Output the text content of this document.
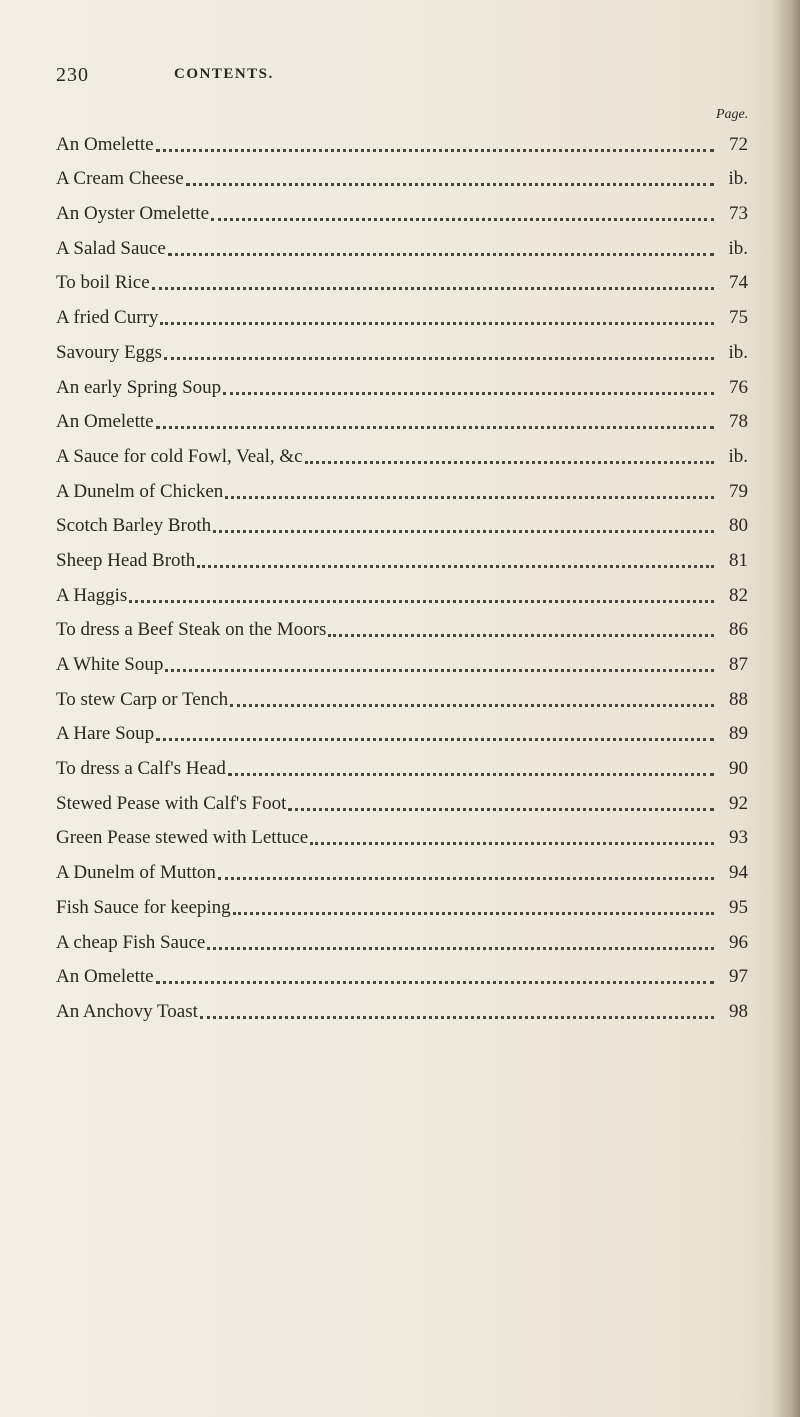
230	CONTENTS.
Page.
An Omelette	72
A Cream Cheese	ib.
An Oyster Omelette	73
A Salad Sauce	ib.
To boil Rice	74
A fried Curry	75
Savoury Eggs	ib.
An early Spring Soup	76
An Omelette	78
A Sauce for cold Fowl, Veal, &c	ib.
A Dunelm of Chicken	79
Scotch Barley Broth	80
Sheep Head Broth	81
A Haggis	82
To dress a Beef Steak on the Moors	86
A White Soup	87
To stew Carp or Tench	88
A Hare Soup	89
To dress a Calf's Head	90
Stewed Pease with Calf's Foot	92
Green Pease stewed with Lettuce	93
A Dunelm of Mutton	94
Fish Sauce for keeping	95
A cheap Fish Sauce	96
An Omelette	97
An Anchovy Toast	98
